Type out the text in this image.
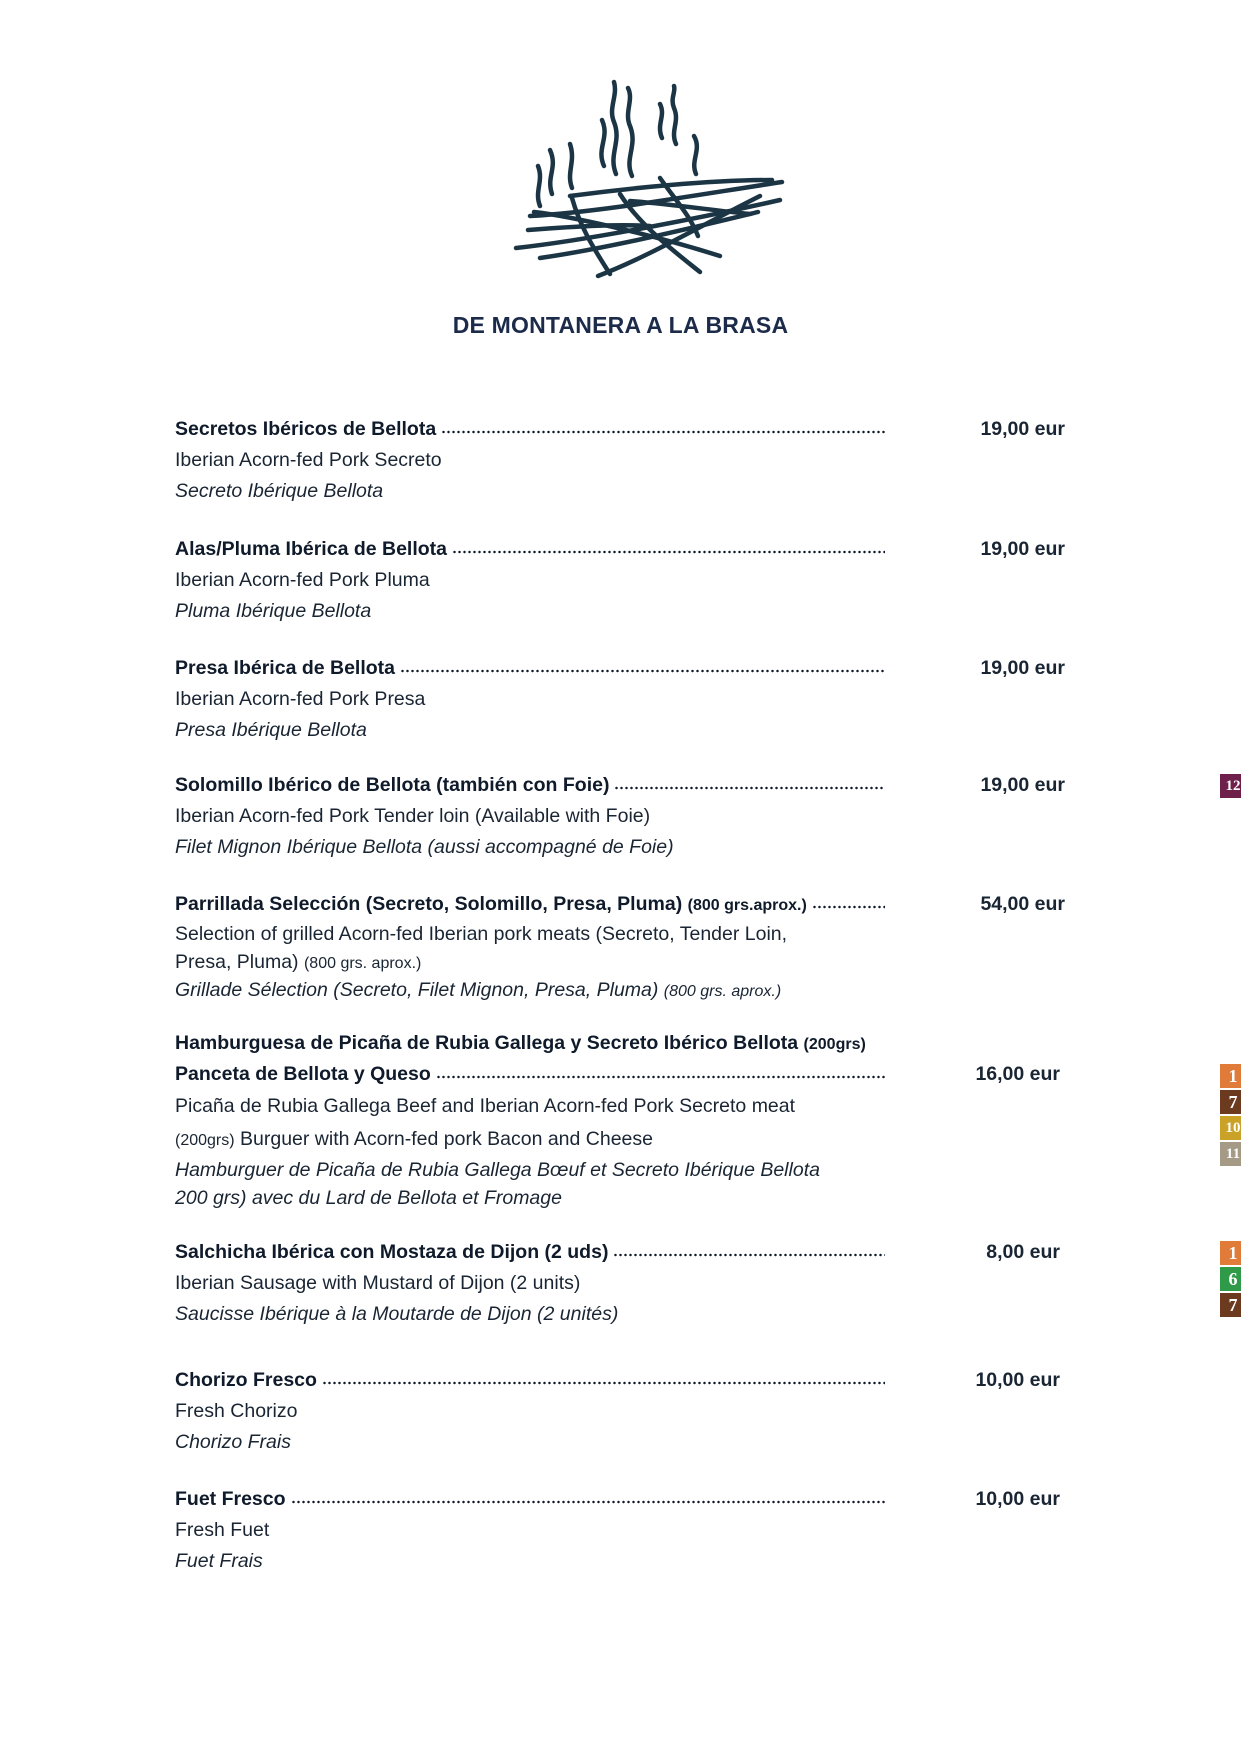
DE MONTANERA A LA BRASA
Secretos Ibéricos de Bellota	19,00 eur
Iberian Acorn-fed Pork Secreto
Secreto Ibérique Bellota
Alas/Pluma Ibérica de Bellota	19,00 eur
Iberian Acorn-fed Pork Pluma
Pluma Ibérique Bellota
Presa Ibérica de Bellota	19,00 eur
Iberian Acorn-fed Pork Presa
Presa Ibérique Bellota
Solomillo Ibérico de Bellota (también con Foie)	19,00 eur
Iberian Acorn-fed Pork Tender loin (Available with Foie)
Filet Mignon Ibérique Bellota (aussi accompagné de Foie)
12
Parrillada Selección (Secreto, Solomillo, Presa, Pluma) (800 grs.aprox.)	54,00 eur
Selection of grilled Acorn-fed Iberian pork meats (Secreto, Tender Loin,
Presa, Pluma) (800 grs. aprox.)
Grillade Sélection (Secreto, Filet Mignon, Presa, Pluma) (800 grs. aprox.)
Hamburguesa de Picaña de Rubia Gallega y Secreto Ibérico Bellota (200grs)
Panceta de Bellota y Queso	16,00 eur
Picaña de Rubia Gallega Beef and Iberian Acorn-fed Pork Secreto meat
(200grs) Burguer with Acorn-fed pork Bacon and Cheese
Hamburguer de Picaña de Rubia Gallega Bœuf et Secreto Ibérique Bellota
200 grs) avec du Lard de Bellota et Fromage
1
7
10
11
Salchicha Ibérica con Mostaza de Dijon (2 uds)	8,00 eur
Iberian Sausage with Mustard of Dijon (2 units)
Saucisse Ibérique à la Moutarde de Dijon (2 unités)
1
6
7
Chorizo Fresco	10,00 eur
Fresh Chorizo
Chorizo Frais
Fuet Fresco	10,00 eur
Fresh Fuet
Fuet Frais
